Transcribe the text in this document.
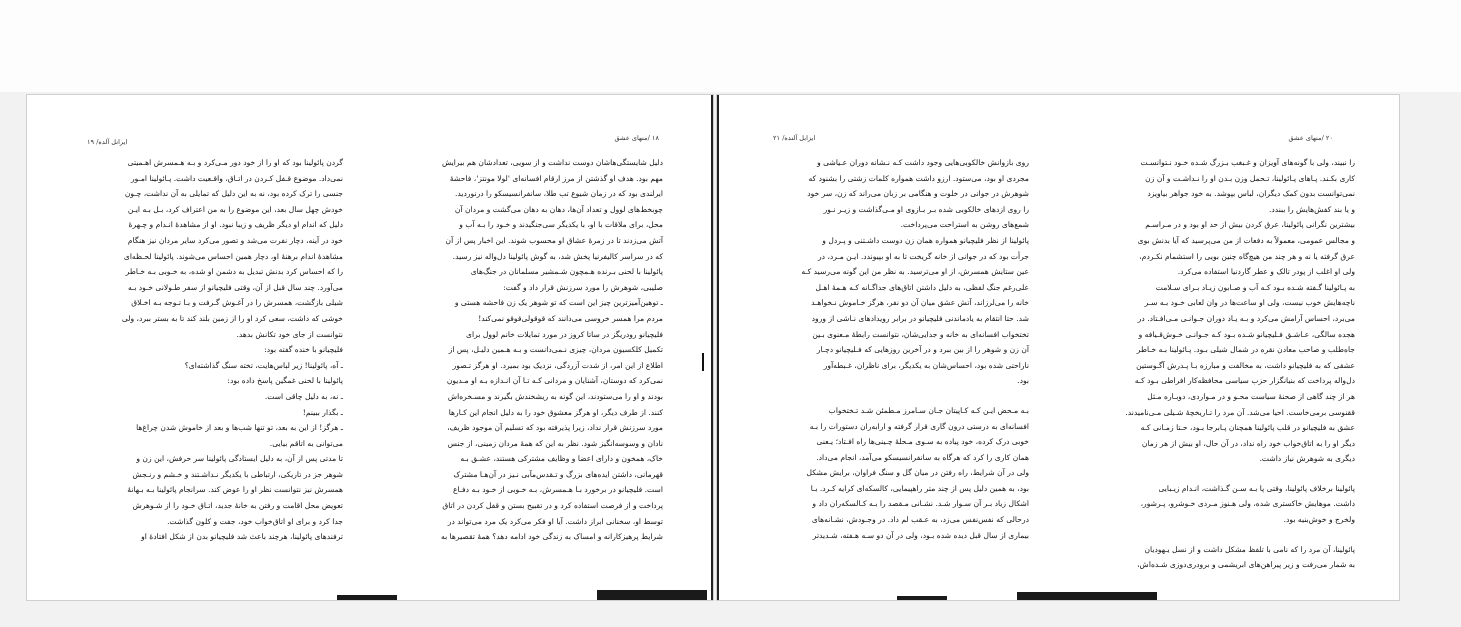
۱۸ /منهای عشق
ایرانل آلده/ ۱۹

دلیل شایستگی‌هاشان دوست نداشت و از سویی، تعدادشان هم بیرایش

مهم بود. هدف او گذشتن از مرز ارقام افسانه‌ای 'لولا مونتز'، فاحشهٔ

ایرلندی بود که در زمان شیوع تب طلا، سانفرانسیسکو را درنوردید.

چوبخط‌های لوول و تعداد آن‌ها، دهان به دهان می‌گشت و مردان آن

محل، برای ملاقات با او، با یکدیگر سی‌جنگیدند و خـود را بـه آب و

آتش می‌زدند تا در زمرهٔ عشاق او محسوب شوند. این اخبار پس از آن

که در سراسر کالیفرنیا پخش شد، به گوش پائولینا دل‌واله نیز رسید.

پائولینا با لحنی بـرنده هـمچون شـمشیر مسلمانان در جنگ‌های

صلیبی، شوهرش را مورد سرزنش قرار داد و گفت:

ـ توهین‌آمیزترین چیز این است که تو شوهر یک زن فاحشه هستی و

مردم مرا همسر خروسی می‌دانند که قوقولی‌قوقو نمی‌کند!

فلیچیانو رودریگز در ساتا کروز در مورد تمایلات خانم لوول برای

تکمیل کلکسیون مردان، چیزی نـمی‌دانست و بـه هـمین دلیـل، پس از

اطلاع از این امر، از شدت آزردگی، نزدیک بود بمیرد. او هرگز تـصور

نمی‌کرد که دوستان، آشنایان و مردانی کـه تـا آن انـدازه بـه او مـدیون

بودند و او را می‌ستودند، این گونه به ریشخندش بگیرند و مسـخره‌اش

کنند. از طرف دیگر، او هرگز معشوق خود را به دلیل انجام این کـارها

مورد سرزنش قرار نداد، زیرا پذیرفته بود که تسلیم آن موجود ظریف،

نادان و وسوسه‌انگیز شود. نظر به این که همهٔ مردان زمینی، از جنس

خاک، همخون و دارای اعضا و وظایف مشترکی هستند، عشـق بـه

قهرمانی، داشتن ایده‌های بزرگ و تـقدس‌مآبی نـیز در آن‌هـا مشترک

است. فلیچیانو در برخورد بـا هـمسرش، بـه خـوبی از خـود بـه دفـاع

پرداخت و از فرصت استفاده کرد و در تقبیح بستن و قفل کردن در اتاق

توسط او، سخنانی ابراز داشت. آیا او فکر می‌کرد یک مرد می‌تواند در

شرایط پرهیزکارانه و امساک به زندگی خود ادامه دهد؟ همهٔ تقصیرها به

گردن پائولینا بود که او را از خود دور مـی‌کرد و بـه هـمسرش اهـمیتی

نمی‌داد. موضوع قـفل کـردن در اتـاق، واقـعیت داشت. پـائولینا امـور

جنسی را ترک کرده بود، نه به این دلیل که تمایلی به آن نداشت، چـون

خودش چهل سال بعد، این موضوع را به من اعتراف کرد، بـل بـه ایـن

دلیل که اندام او دیگر ظریف و زیبا نبود. او از مشاهدهٔ انـدام و چـهرهٔ

خود در آینه، دچار نفرت می‌شد و تصور می‌کرد سایر مردان نیز هنگام

مشاهدهٔ اندام برهنهٔ او، دچار همین احساس می‌شوند. پائولینا لحـظه‌ای

را که احساس کرد بدنش تبدیل به دشمن او شده، به خـوبی بـه خـاطر

می‌آورد. چند سال قبل از آن، وقتی فلیچیانو از سفر طـولانی خـود بـه

شیلی بازگشت، همسرش را در آغـوش گـرفت و بـا تـوجه بـه اخـلاق

خوشی که داشت، سعی کرد او را از زمین بلند کند تا به بستر ببرد، ولی

نتوانست از جای خود تکانش بدهد.

فلیچیانو با خنده گفته بود:

ـ آه، پائولینا! زیر لباس‌هایت، تخته سنگ گذاشته‌ای؟

پائولینا با لحنی غمگین پاسخ داده بود:

ـ نه، به دلیل چاقی است.

ـ بگذار ببینم!

ـ هرگز! از این به بعد، تو تنها شب‌ها و بعد از خاموش شدن چراغ‌ها

می‌توانی به اتاقم بیایی.

تا مدتی پس از آن، به دلیل ایستادگی پائولینا سر حرفش، این زن و

شوهر جز در تاریکی، ارتباطی با یکدیگر نـداشـتند و خـشم و رنـجش

همسرش نیز نتوانست نظر او را عوض کند. سرانجام پائولینا بـه بـهانهٔ

تعویض محل اقامت و رفتن به خانهٔ جدید، اتـاق خـود را از شـوهرش

جدا کرد و برای او اتاق‌خواب خود، جفت و کلون گذاشت.

ترفندهای پائولینا، هرچند باعث شد فلیچیانو بدن از شکل افتادهٔ او

۲۰ /منهای عشق
ایزابل آلنده/ ۲۱

را نبیند، ولی با گونه‌های آویزان و غـبغب بـزرگ شـده خـود نـتوانسـت

کاری بکـند. پـاهای پـائولینا، تـحمل وزن بـدن او را نـداشـت و آن زن

نمی‌توانست بدون کمک دیگران، لباس بپوشد. به خود جواهر بیاویزد

و یا بند کفش‌هایش را ببندد.

بیشترین نگرانی پائولینا، عرق کردن بیش از حد او بود و در مـراسـم

و مجالس عمومی، معمولاً به دفعات از من می‌پرسید که آیا بدنش بوی

عرق گرفته یا نه و هر چند من هیچ‌گاه چنین بویی را استشمام نکـردم،

ولی او اغلب از پودر تالک و عطر گاردنیا استفاده می‌کرد.

به پـائولینا گـفته شـده بـود کـه آب و صـابون زیـاد بـرای سـلامت

ناچه‌هایش خوب نیست، ولی او ساعت‌ها در وان لعابی خـود بـه سـر

می‌برد، احساس آرامش می‌کرد و بـه یـاد دوران جـوانـی مـی‌افـتاد. در

هجده سالگی، عـاشـق فـلیچیانو شـده بـود کـه جـوانـی خـوش‌قـیافه و

جاه‌طلب و صاحب معادن نقره در شمال شیلی بـود. پـائولینا بـه خـاطر

عشقی که به فلیچیانو داشت، به مخالفت و مبارزه بـا پـدرش آگـوستین

دل‌واله پرداخت که بنیانگزار حزب سیاسی محافظه‌کار افراطی بـود کـه

هر از چند گاهی از صحنهٔ سیاست محـو و در مـواردی، دوبـاره مـثل

ققنوسی بر‌می‌خاست. احیا می‌شد. آن مرد را تـاریخچهٔ شـیلی مـی‌نامیدند.

عشق به فلیچیانو در قلب پائولینا همچنان پـابرجا بـود، حـتا زمـانی کـه

دیگر او را به اتاق‌خواب خود راه نداد، در آن حال، او بیش از هر زمان

دیگری به شوهرش نیاز داشت.

پائولینا برخلاف پائولینا، وقتی پا بـه سـن گـذاشت، انـدام زیـبایی

داشت. موهایش خاکستری شده، ولی هـنوز مـردی خـوشرو، پـرشور،

ولخرج و خوش‌بنیه بود.

پائولینا، آن مرد را که نامی با تلفظ مشکل داشت و از نسل یـهودیان

به شمار می‌رفت و زیر پیراهن‌های ابریشمی و برودری‌دوزی شـده‌اش،

روی بازوانش خالکوبی‌هایی وجود داشت کـه نـشانه دوران عـیاشی و

مجردی او بود، می‌ستود. ارزو داشت همواره کلمات زشتی را بشنود که

شوهرش در جوانی در خلوت و هنگامی بر زبان می‌راند که زن، سر خود

را روی ازدهای خالکوبی شده بـر بـازوی او مـی‌گذاشت و زیـر نـور

شمع‌های روشن به استراحت می‌پرداخت.

پائولینا از نظر فلیچیانو همواره همان زن دوست داشـتنی و پـردل و

جرأت بود که در جوانی از خانه گریخت تا به او بپیوندد. ایـن مـرد، در

عین ستایش همسرش، از او می‌ترسید. به نظر من این گونه می‌رسید کـه

علی‌رغم جنگ لفظی، به دلیل داشتن اتاق‌های جداگـانه کـه هـمهٔ اهـل

خانه را می‌لرزاند، آتش عشق میان آن دو نفر، هرگز خـاموش نـخواهـد

شد. حتا انتقام به یادماندنی فلیچیانو در برابر رویدادهای نـاشی از ورود

تختخواب افسانه‌ای به خانه و جدایی‌شان، نتوانست رابطهٔ مـعنوی بـین

آن زن و شوهر را از بین ببرد و در آخرین روزهایی که فـلیچیانو دچـار

ناراحتی شده بود، احساس‌شان به یکدیگر، برای ناظران، غـبطه‌آور

بود.

بـه مـحض ایـن کـه کـاپیتان جـان سـامرز مـطمئن شـد تـختخواب

افسانه‌ای به درستی درون گاری قرار گرفته و ارابه‌ران دستورات را بـه

خوبی درک کرده، خود پیاده به سـوی مـحلهٔ چـینی‌ها راه افـتاد؛ یـعنی

همان کاری را کرد که هرگاه به سانفرانسیسکو می‌آمد، انجام می‌داد.

ولی در آن شرایط، راه رفتن در میان گل و سنگ فراوان، برایش مشکل

بود، به همین دلیل پس از چند متر راهپیمایی، کالسکه‌ای کرایه کـرد. بـا

اشکال زیاد بـر آن سـوار شـد. نشـانی مـقصد را بـه کـالسکه‌ران داد و

درحالی که نفس‌نفس می‌زد، به عـقب لم داد. در وجـودش، نشـانه‌های

بیماری از سال قبل دیده شده بـود، ولی در آن دو سـه هـفته، شـدیدتر
